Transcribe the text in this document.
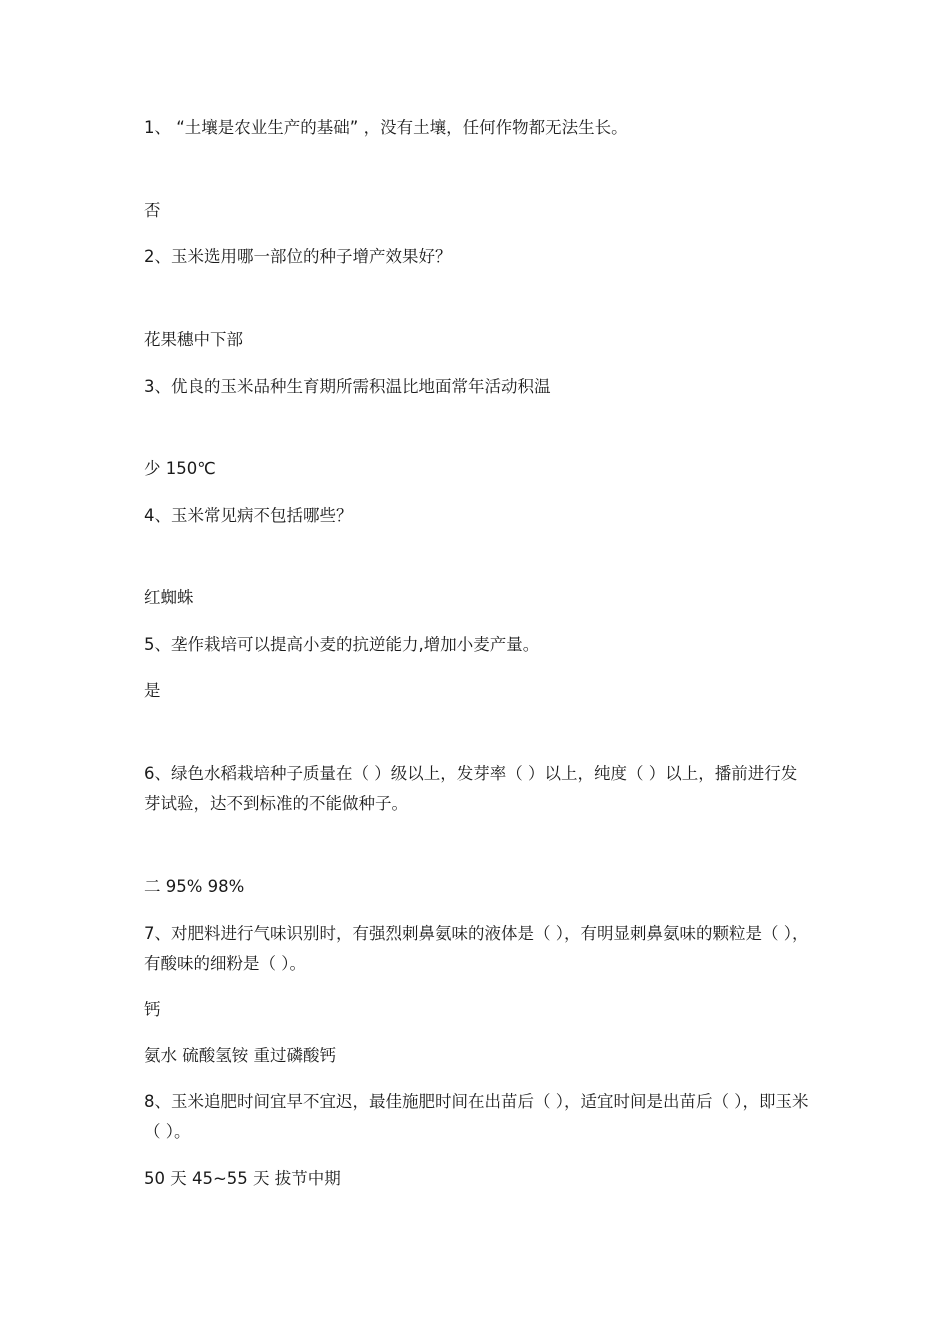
1、 “土壤是农业生产的基础” ，没有土壤，任何作物都无法生长。
否
2、玉米选用哪一部位的种子增产效果好？
花果穗中下部
3、优良的玉米品种生育期所需积温比地面常年活动积温
少 150℃
4、玉米常见病不包括哪些？
红蜘蛛
5、垄作栽培可以提高小麦的抗逆能力,增加小麦产量。
是
6、绿色水稻栽培种子质量在（ ）级以上，发芽率（ ）以上，纯度（ ）以上，播前进行发芽试验，达不到标准的不能做种子。
二 95% 98%
7、对肥料进行气味识别时，有强烈刺鼻氨味的液体是（ ），有明显刺鼻氨味的颗粒是（ ），有酸味的细粉是（ ）。
钙
氨水 硫酸氢铵 重过磷酸钙
8、玉米追肥时间宜早不宜迟，最佳施肥时间在出苗后（ ），适宜时间是出苗后（ ），即玉米（ ）。
50 天 45~55 天 拔节中期
